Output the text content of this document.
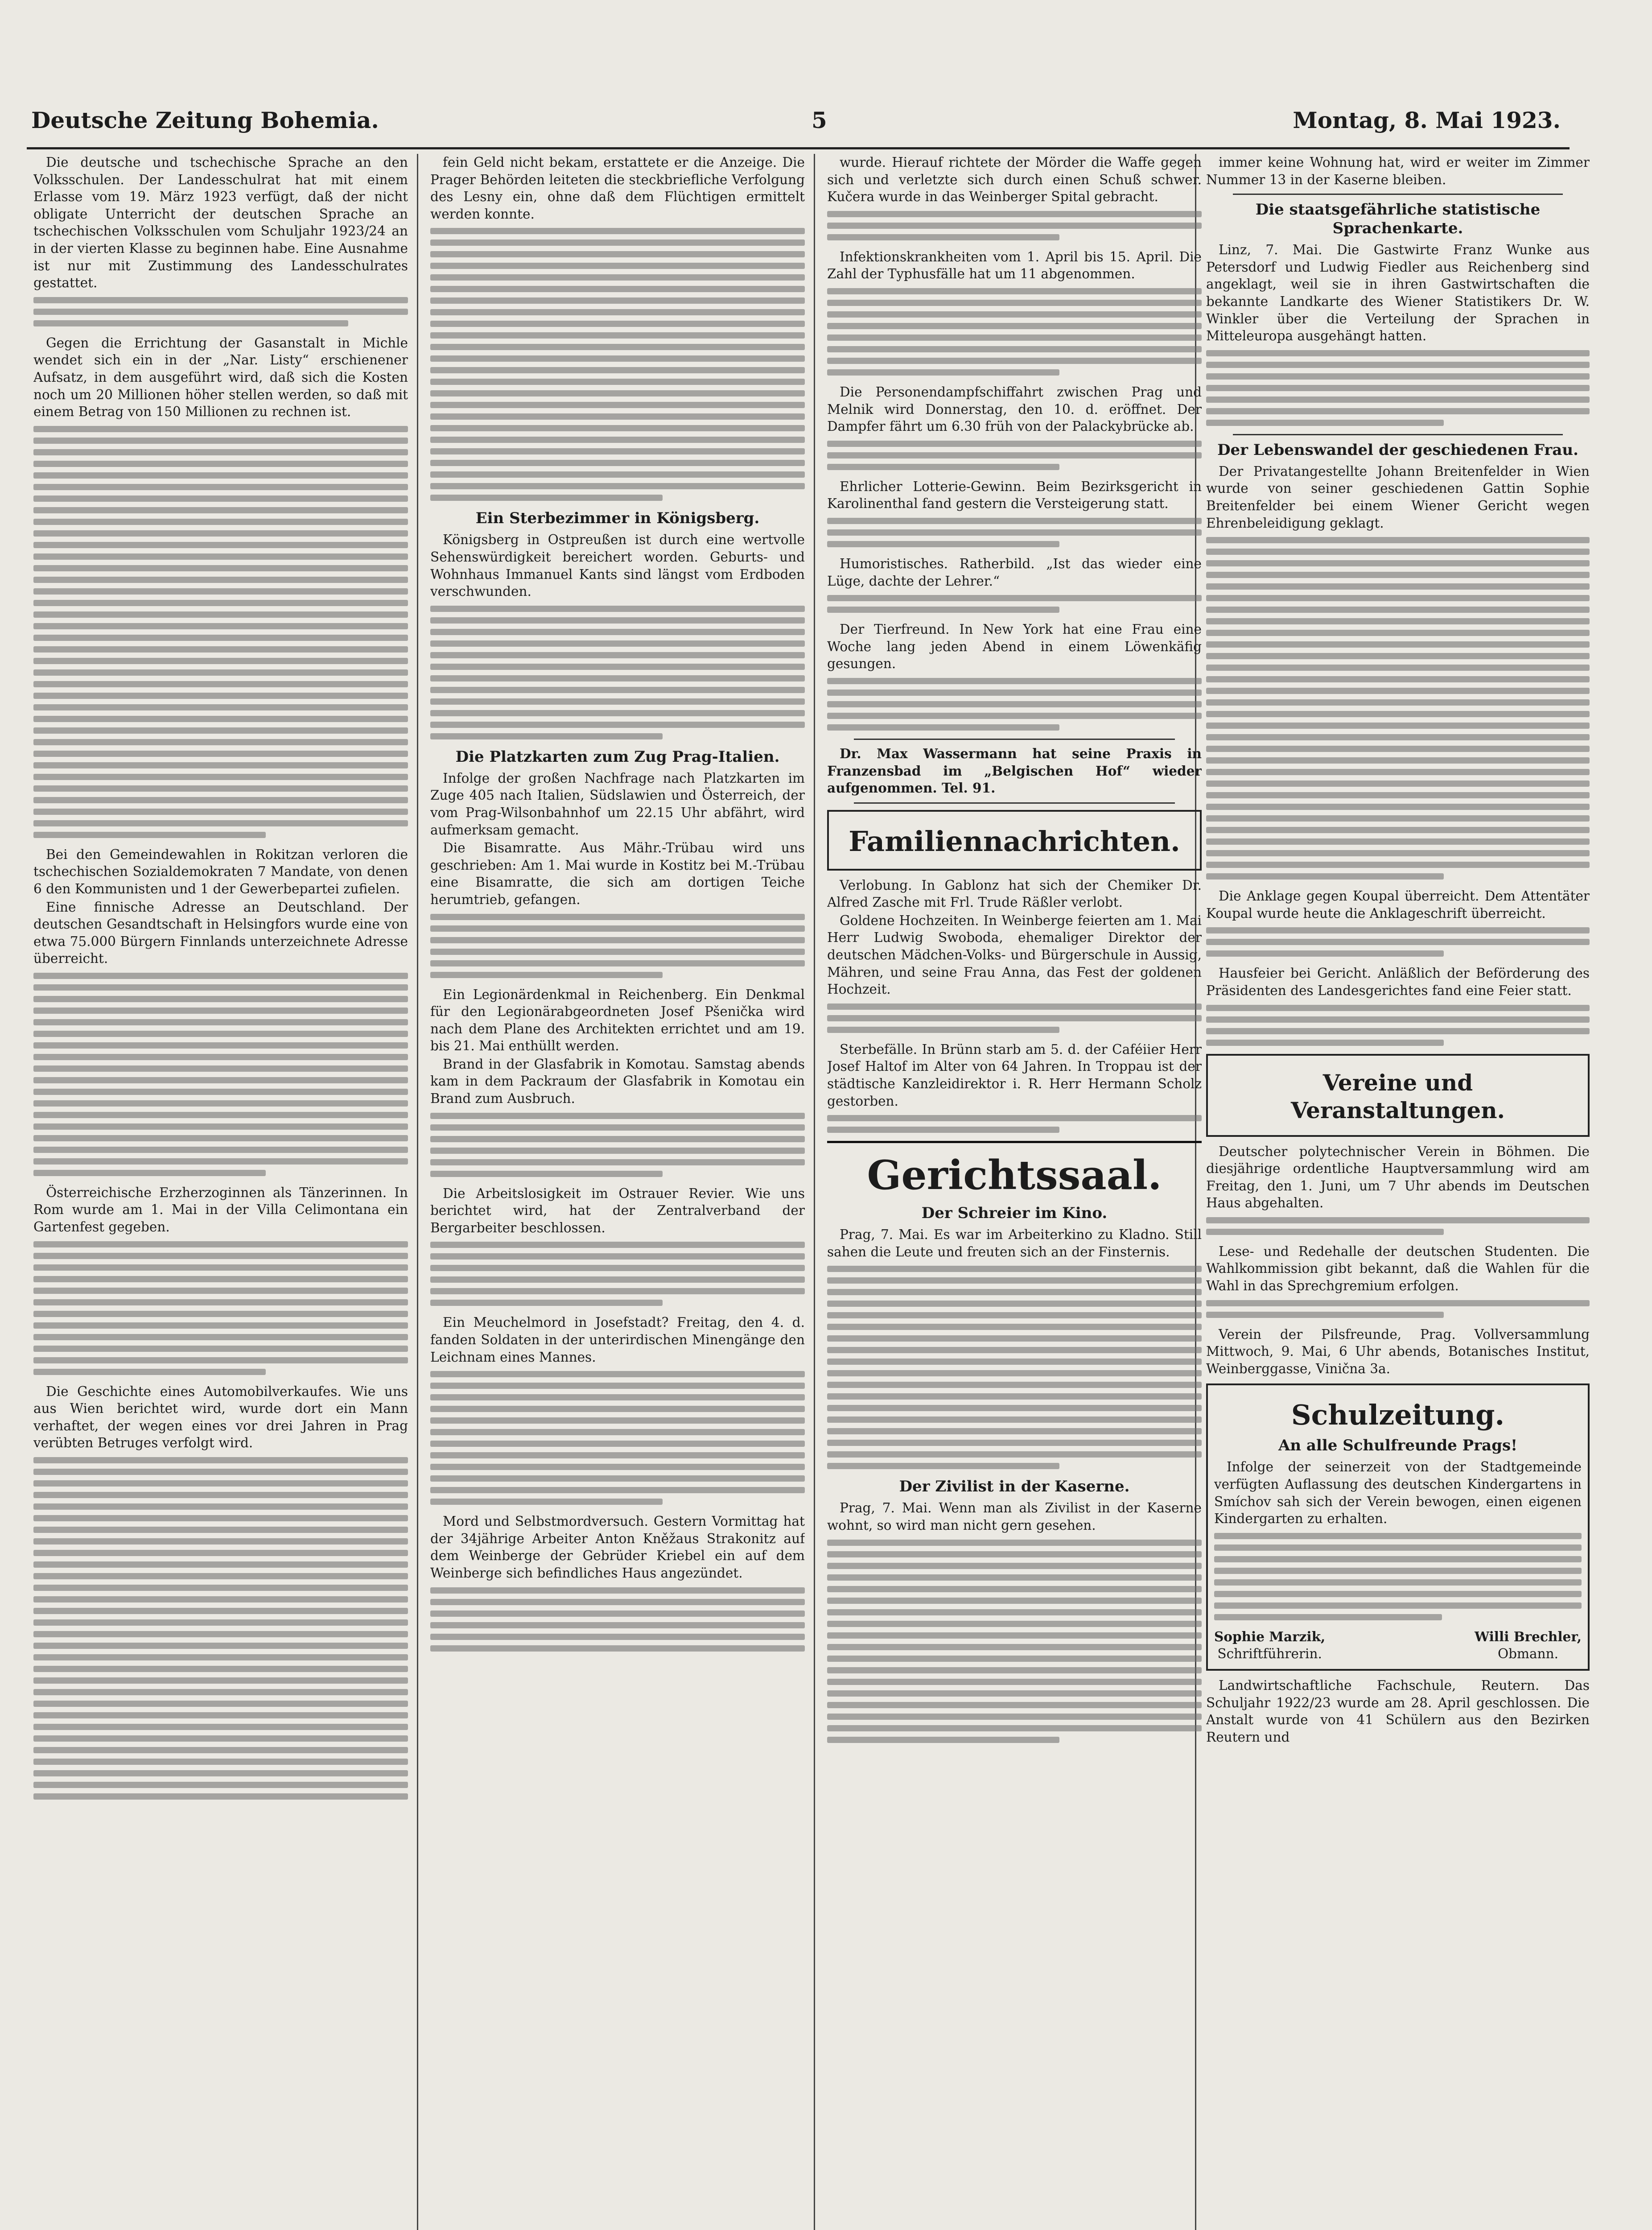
Deutsche Zeitung Bohemia.	5	Montag, 8. Mai 1923.

Die deutsche und tschechische Sprache an den Volksschulen. Der Landesschulrat hat mit einem Erlasse vom 19. März 1923 verfügt, daß der nicht obligate Unterricht der deutschen Sprache an tschechischen Volksschulen vom Schuljahr 1923/24 an in der vierten Klasse zu beginnen habe. Eine Ausnahme ist nur mit Zustimmung des Landesschulrates gestattet.

Gegen die Errichtung der Gasanstalt in Michle wendet sich ein in der „Nar. Listy“ erschienener Aufsatz, in dem ausgeführt wird, daß sich die Kosten noch um 20 Millionen höher stellen werden, so daß mit einem Betrag von 150 Millionen zu rechnen ist.

Bei den Gemeindewahlen in Rokitzan verloren die tschechischen Sozialdemokraten 7 Mandate, von denen 6 den Kommunisten und 1 der Gewerbepartei zufielen.

Eine finnische Adresse an Deutschland. Der deutschen Gesandtschaft in Helsingfors wurde eine von etwa 75.000 Bürgern Finnlands unterzeichnete Adresse überreicht.

Österreichische Erzherzoginnen als Tänzerinnen. In Rom wurde am 1. Mai in der Villa Celimontana ein Gartenfest gegeben.

Die Geschichte eines Automobilverkaufes. Wie uns aus Wien berichtet wird, wurde dort ein Mann verhaftet, der wegen eines vor drei Jahren in Prag verübten Betruges verfolgt wird.

fein Geld nicht bekam, erstattete er die Anzeige. Die Prager Behörden leiteten die steckbriefliche Verfolgung des Lesny ein, ohne daß dem Flüchtigen ermittelt werden konnte.

Ein Sterbezimmer in Königsberg.

Königsberg in Ostpreußen ist durch eine wertvolle Sehenswürdigkeit bereichert worden. Geburts- und Wohnhaus Immanuel Kants sind längst vom Erdboden verschwunden.

Die Platzkarten zum Zug Prag-Italien.

Infolge der großen Nachfrage nach Platzkarten im Zuge 405 nach Italien, Südslawien und Österreich, der vom Prag-Wilsonbahnhof um 22.15 Uhr abfährt, wird aufmerksam gemacht.

Die Bisamratte. Aus Mähr.-Trübau wird uns geschrieben: Am 1. Mai wurde in Kostitz bei M.-Trübau eine Bisamratte, die sich am dortigen Teiche herumtrieb, gefangen.

Ein Legionärdenkmal in Reichenberg. Ein Denkmal für den Legionärabgeordneten Josef Pšenička wird nach dem Plane des Architekten errichtet und am 19. bis 21. Mai enthüllt werden.

Brand in der Glasfabrik in Komotau. Samstag abends kam in dem Packraum der Glasfabrik in Komotau ein Brand zum Ausbruch.

Die Arbeitslosigkeit im Ostrauer Revier. Wie uns berichtet wird, hat der Zentralverband der Bergarbeiter beschlossen.

Ein Meuchelmord in Josefstadt? Freitag, den 4. d. fanden Soldaten in der unterirdischen Minengänge den Leichnam eines Mannes.

Mord und Selbstmordversuch. Gestern Vormittag hat der 34jährige Arbeiter Anton Kněžaus Strakonitz auf dem Weinberge der Gebrüder Kriebel ein auf dem Weinberge sich befindliches Haus angezündet.

wurde. Hierauf richtete der Mörder die Waffe gegen sich und verletzte sich durch einen Schuß schwer. Kučera wurde in das Weinberger Spital gebracht.

Infektionskrankheiten vom 1. April bis 15. April. Die Zahl der Typhusfälle hat um 11 abgenommen.

Die Personendampfschiffahrt zwischen Prag und Melnik wird Donnerstag, den 10. d. eröffnet. Der Dampfer fährt um 6.30 früh von der Palackybrücke ab.

Ehrlicher Lotterie-Gewinn. Beim Bezirksgericht in Karolinenthal fand gestern die Versteigerung statt.

Humoristisches. Ratherbild. „Ist das wieder eine Lüge, dachte der Lehrer.“

Der Tierfreund. In New York hat eine Frau eine Woche lang jeden Abend in einem Löwenkäfig gesungen.

Dr. Max Wassermann hat seine Praxis in Franzensbad im „Belgischen Hof“ wieder aufgenommen. Tel. 91.

Familiennachrichten.

Verlobung. In Gablonz hat sich der Chemiker Dr. Alfred Zasche mit Frl. Trude Räßler verlobt.

Goldene Hochzeiten. In Weinberge feierten am 1. Mai Herr Ludwig Swoboda, ehemaliger Direktor der deutschen Mädchen-Volks- und Bürgerschule in Aussig, Mähren, und seine Frau Anna, das Fest der goldenen Hochzeit.

Sterbefälle. In Brünn starb am 5. d. der Caféiier Herr Josef Haltof im Alter von 64 Jahren. In Troppau ist der städtische Kanzleidirektor i. R. Herr Hermann Scholz gestorben.

Gerichtssaal.
Der Schreier im Kino.

Prag, 7. Mai. Es war im Arbeiterkino zu Kladno. Still sahen die Leute und freuten sich an der Finsternis.

Der Zivilist in der Kaserne.

Prag, 7. Mai. Wenn man als Zivilist in der Kaserne wohnt, so wird man nicht gern gesehen.

immer keine Wohnung hat, wird er weiter im Zimmer Nummer 13 in der Kaserne bleiben.

Die staatsgefährliche statistische Sprachenkarte.

Linz, 7. Mai. Die Gastwirte Franz Wunke aus Petersdorf und Ludwig Fiedler aus Reichenberg sind angeklagt, weil sie in ihren Gastwirtschaften die bekannte Landkarte des Wiener Statistikers Dr. W. Winkler über die Verteilung der Sprachen in Mitteleuropa ausgehängt hatten.

Der Lebenswandel der geschiedenen Frau.

Der Privatangestellte Johann Breitenfelder in Wien wurde von seiner geschiedenen Gattin Sophie Breitenfelder bei einem Wiener Gericht wegen Ehrenbeleidigung geklagt.

Die Anklage gegen Koupal überreicht. Dem Attentäter Koupal wurde heute die Anklageschrift überreicht.

Hausfeier bei Gericht. Anläßlich der Beförderung des Präsidenten des Landesgerichtes fand eine Feier statt.

Vereine und Veranstaltungen.

Deutscher polytechnischer Verein in Böhmen. Die diesjährige ordentliche Hauptversammlung wird am Freitag, den 1. Juni, um 7 Uhr abends im Deutschen Haus abgehalten.

Lese- und Redehalle der deutschen Studenten. Die Wahlkommission gibt bekannt, daß die Wahlen für die Wahl in das Sprechgremium erfolgen.

Verein der Pilsfreunde, Prag. Vollversammlung Mittwoch, 9. Mai, 6 Uhr abends, Botanisches Institut, Weinberggasse, Vinična 3a.

Schulzeitung.
An alle Schulfreunde Prags!

Infolge der seinerzeit von der Stadtgemeinde verfügten Auflassung des deutschen Kindergartens in Smíchov sah sich der Verein bewogen, einen eigenen Kindergarten zu erhalten.

Sophie Marzik,
Schriftführerin.
Willi Brechler,
Obmann.

Landwirtschaftliche Fachschule, Reutern. Das Schuljahr 1922/23 wurde am 28. April geschlossen. Die Anstalt wurde von 41 Schülern aus den Bezirken Reutern und
